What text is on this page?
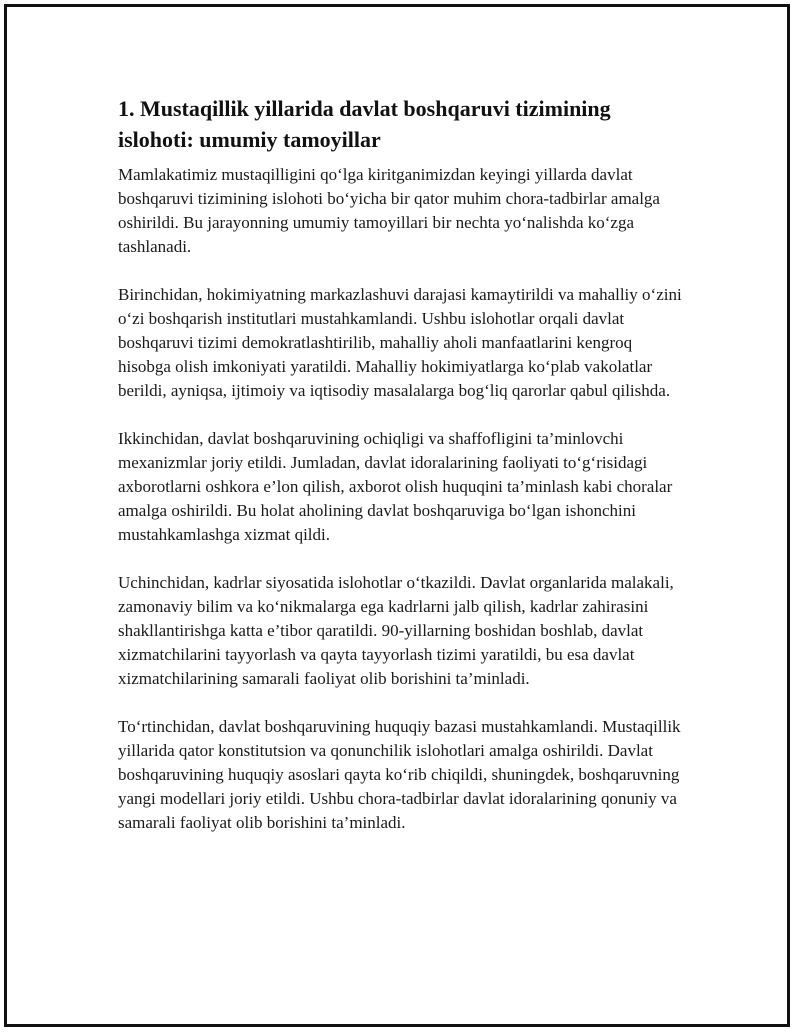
1. Mustaqillik yillarida davlat boshqaruvi tizimining islohoti: umumiy tamoyillar

Mamlakatimiz mustaqilligini qo‘lga kiritganimizdan keyingi yillarda davlat boshqaruvi tizimining islohoti bo‘yicha bir qator muhim chora-tadbirlar amalga oshirildi. Bu jarayonning umumiy tamoyillari bir nechta yo‘nalishda ko‘zga tashlanadi.

Birinchidan, hokimiyatning markazlashuvi darajasi kamaytirildi va mahalliy o‘zini o‘zi boshqarish institutlari mustahkamlandi. Ushbu islohotlar orqali davlat boshqaruvi tizimi demokratlashtirilib, mahalliy aholi manfaatlarini kengroq hisobga olish imkoniyati yaratildi. Mahalliy hokimiyatlarga ko‘plab vakolatlar berildi, ayniqsa, ijtimoiy va iqtisodiy masalalarga bog‘liq qarorlar qabul qilishda.

Ikkinchidan, davlat boshqaruvining ochiqligi va shaffofligini ta’minlovchi mexanizmlar joriy etildi. Jumladan, davlat idoralarining faoliyati to‘g‘risidagi axborotlarni oshkora e’lon qilish, axborot olish huquqini ta’minlash kabi choralar amalga oshirildi. Bu holat aholining davlat boshqaruviga bo‘lgan ishonchini mustahkamlashga xizmat qildi.

Uchinchidan, kadrlar siyosatida islohotlar o‘tkazildi. Davlat organlarida malakali, zamonaviy bilim va ko‘nikmalarga ega kadrlarni jalb qilish, kadrlar zahirasini shakllantirishga katta e’tibor qaratildi. 90-yillarning boshidan boshlab, davlat xizmatchilarini tayyorlash va qayta tayyorlash tizimi yaratildi, bu esa davlat xizmatchilarining samarali faoliyat olib borishini ta’minladi.

To‘rtinchidan, davlat boshqaruvining huquqiy bazasi mustahkamlandi. Mustaqillik yillarida qator konstitutsion va qonunchilik islohotlari amalga oshirildi. Davlat boshqaruvining huquqiy asoslari qayta ko‘rib chiqildi, shuningdek, boshqaruvning yangi modellari joriy etildi. Ushbu chora-tadbirlar davlat idoralarining qonuniy va samarali faoliyat olib borishini ta’minladi.
